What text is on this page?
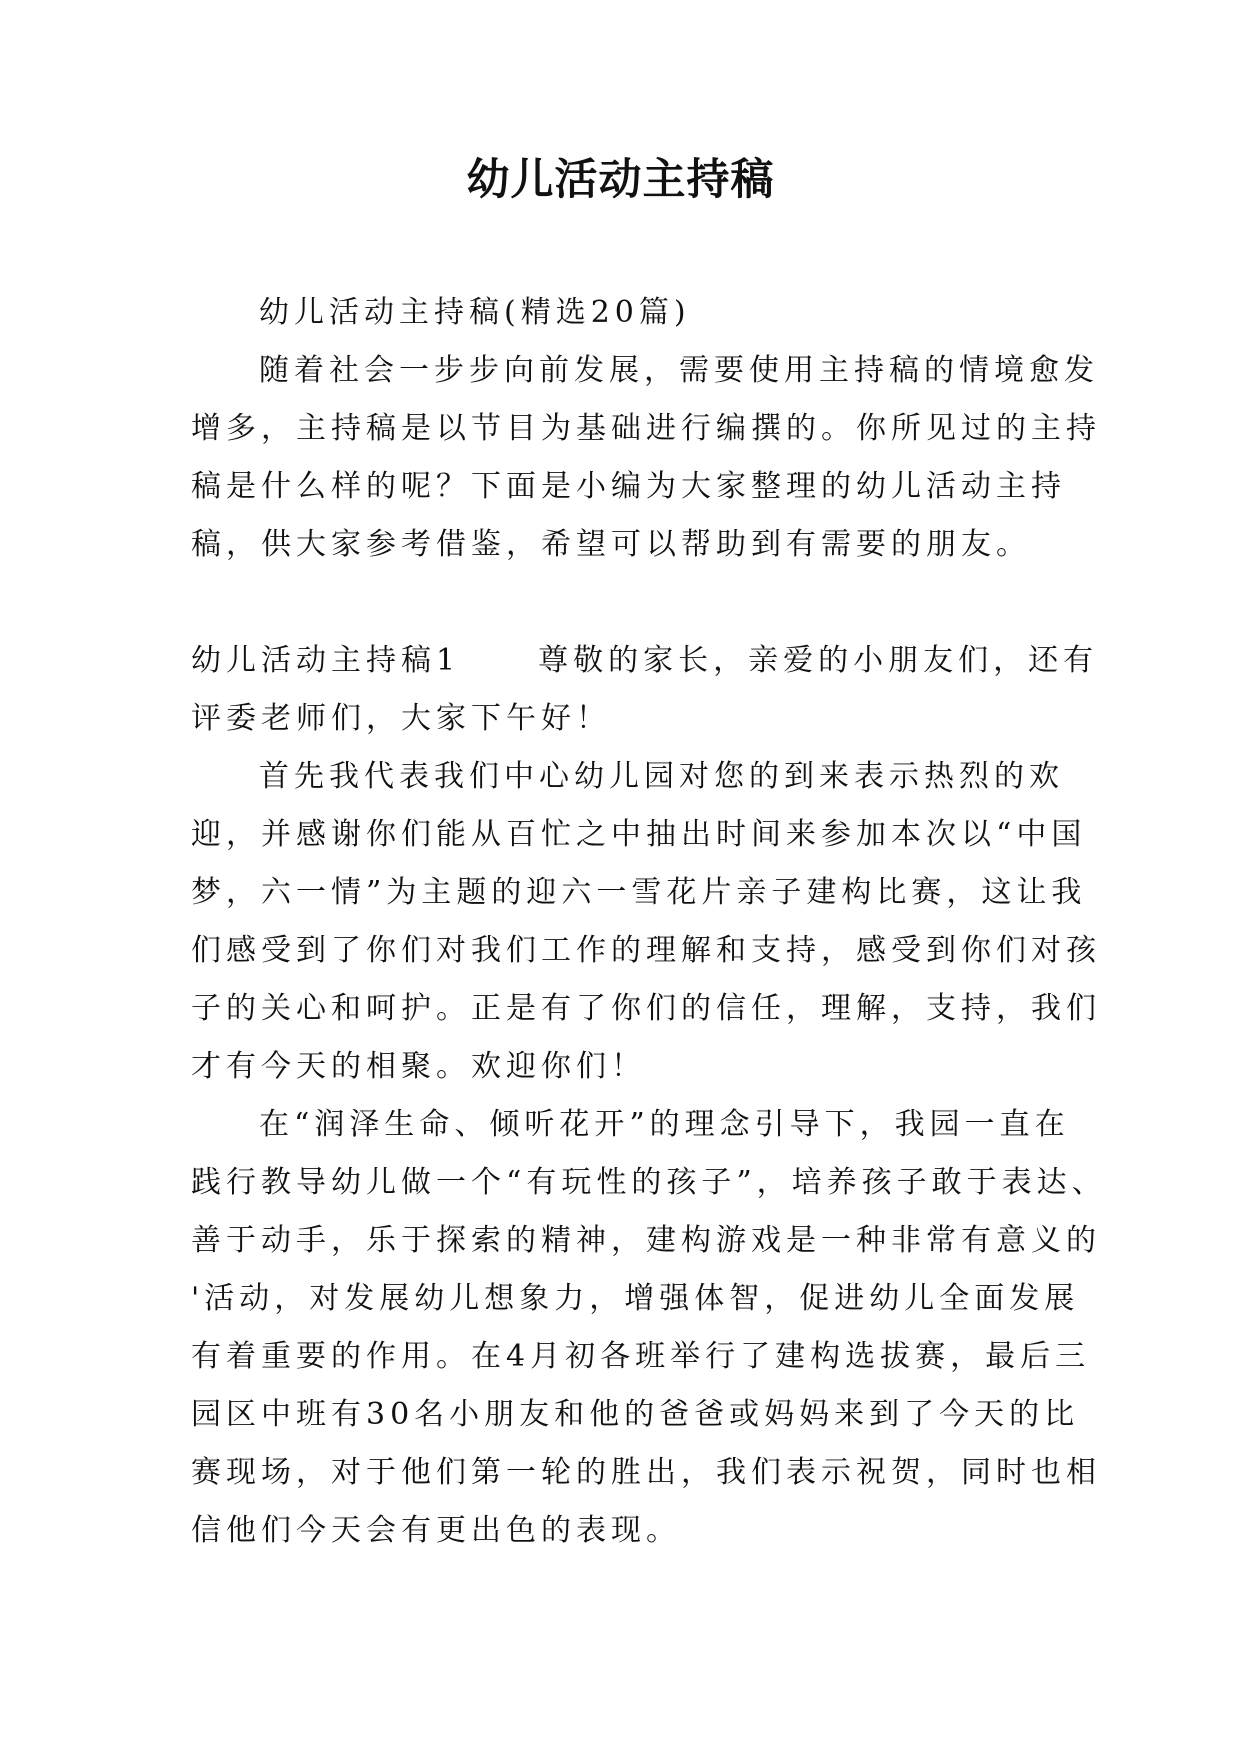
幼儿活动主持稿
幼儿活动主持稿(精选20篇)
随着社会一步步向前发展，需要使用主持稿的情境愈发
增多，主持稿是以节目为基础进行编撰的。你所见过的主持
稿是什么样的呢？下面是小编为大家整理的幼儿活动主持
稿，供大家参考借鉴，希望可以帮助到有需要的朋友。
幼儿活动主持稿1	尊敬的家长，亲爱的小朋友们，还有
评委老师们，大家下午好！
首先我代表我们中心幼儿园对您的到来表示热烈的欢
迎，并感谢你们能从百忙之中抽出时间来参加本次以“中国
梦，六一情”为主题的迎六一雪花片亲子建构比赛，这让我
们感受到了你们对我们工作的理解和支持，感受到你们对孩
子的关心和呵护。正是有了你们的信任，理解，支持，我们
才有今天的相聚。欢迎你们！
在“润泽生命、倾听花开”的理念引导下，我园一直在
践行教导幼儿做一个“有玩性的孩子”，培养孩子敢于表达、
善于动手，乐于探索的精神，建构游戏是一种非常有意义的
'活动，对发展幼儿想象力，增强体智，促进幼儿全面发展
有着重要的作用。在4月初各班举行了建构选拔赛，最后三
园区中班有30名小朋友和他的爸爸或妈妈来到了今天的比
赛现场，对于他们第一轮的胜出，我们表示祝贺，同时也相
信他们今天会有更出色的表现。
